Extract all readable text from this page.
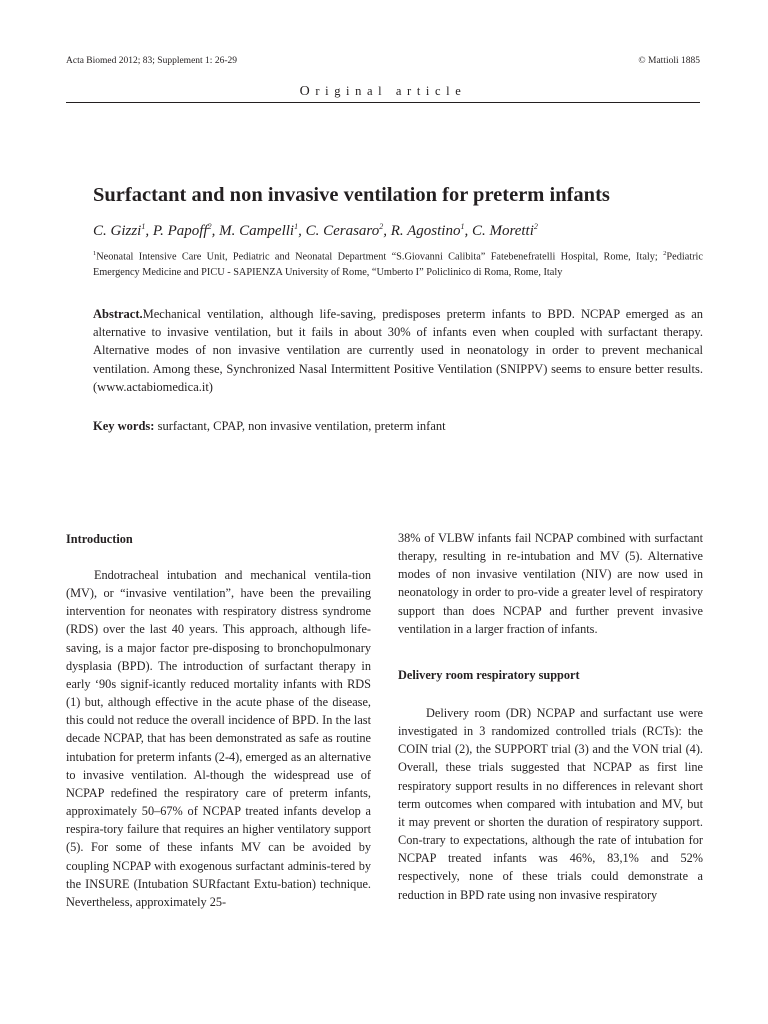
Acta Biomed 2012; 83; Supplement 1: 26-29	© Mattioli 1885
Original article
Surfactant and non invasive ventilation for preterm infants
C. Gizzi$^1$, P. Papoff$^2$, M. Campelli$^1$, C. Cerasaro$^2$, R. Agostino$^1$, C. Moretti$^2$
$^1$Neonatal Intensive Care Unit, Pediatric and Neonatal Department “S.Giovanni Calibita” Fatebenefratelli Hospital, Rome, Italy; $^2$Pediatric Emergency Medicine and PICU - SAPIENZA University of Rome, “Umberto I” Policlinico di Roma, Rome, Italy
Abstract.Mechanical ventilation, although life-saving, predisposes preterm infants to BPD. NCPAP emerged as an alternative to invasive ventilation, but it fails in about 30% of infants even when coupled with surfactant therapy. Alternative modes of non invasive ventilation are currently used in neonatology in order to prevent mechanical ventilation. Among these, Synchronized Nasal Intermittent Positive Ventilation (SNIPPV) seems to ensure better results. (www.actabiomedica.it)
Key words: surfactant, CPAP, non invasive ventilation, preterm infant
Introduction

Endotracheal intubation and mechanical ventila-tion (MV), or “invasive ventilation”, have been the prevailing intervention for neonates with respiratory distress syndrome (RDS) over the last 40 years. This approach, although life-saving, is a major factor pre-disposing to bronchopulmonary dysplasia (BPD). The introduction of surfactant therapy in early ‘90s signif-icantly reduced mortality infants with RDS (1) but, although effective in the acute phase of the disease, this could not reduce the overall incidence of BPD. In the last decade NCPAP, that has been demonstrated as safe as routine intubation for preterm infants (2-4), emerged as an alternative to invasive ventilation. Al-though the widespread use of NCPAP redefined the respiratory care of preterm infants, approximately 50–67% of NCPAP treated infants develop a respira-tory failure that requires an higher ventilatory support (5). For some of these infants MV can be avoided by coupling NCPAP with exogenous surfactant adminis-tered by the INSURE (Intubation SURfactant Extu-bation) technique. Nevertheless, approximately 25-

38% of VLBW infants fail NCPAP combined with surfactant therapy, resulting in re-intubation and MV (5). Alternative modes of non invasive ventilation (NIV) are now used in neonatology in order to pro-vide a greater level of respiratory support than does NCPAP and further prevent invasive ventilation in a larger fraction of infants.

Delivery room respiratory support

Delivery room (DR) NCPAP and surfactant use were investigated in 3 randomized controlled trials (RCTs): the COIN trial (2), the SUPPORT trial (3) and the VON trial (4). Overall, these trials suggested that NCPAP as first line respiratory support results in no differences in relevant short term outcomes when compared with intubation and MV, but it may prevent or shorten the duration of respiratory support. Con-trary to expectations, although the rate of intubation for NCPAP treated infants was 46%, 83,1% and 52% respectively, none of these trials could demonstrate a reduction in BPD rate using non invasive respiratory
